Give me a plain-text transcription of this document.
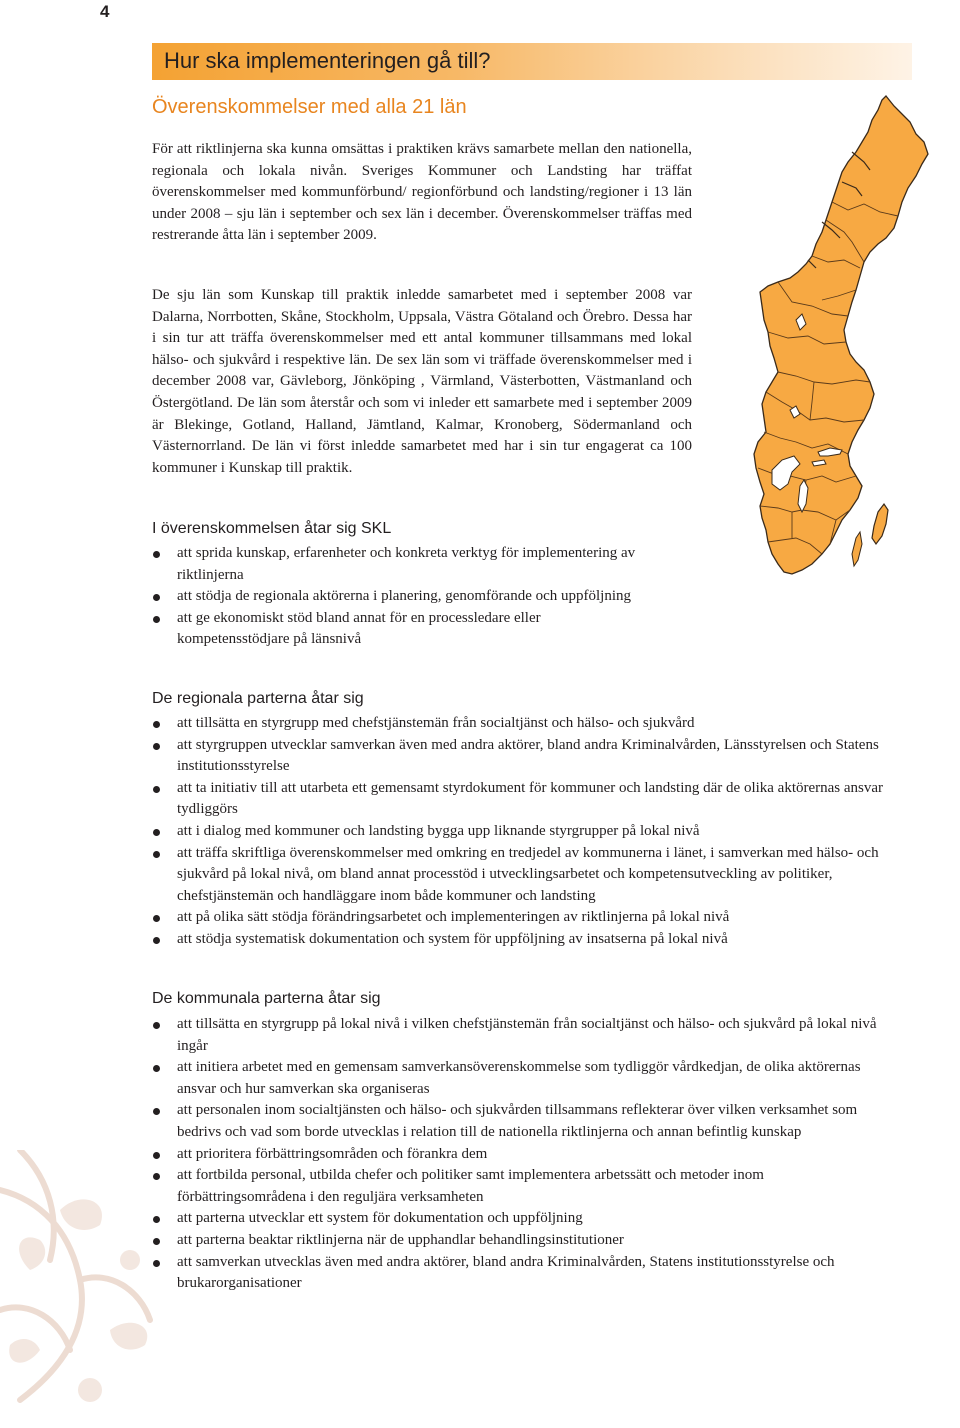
4
Hur ska implementeringen gå till?
Överenskommelser med alla 21 län

För att riktlinjerna ska kunna omsättas i praktiken krävs samarbete mellan den nationella, regionala och lokala nivån. Sveriges Kommuner och Landsting har träffat överenskommelser med kommunförbund/ regionförbund och landsting/regioner i 13 län under 2008 – sju län i september och sex län i december. Överenskommelser träffas med restrerande åtta län i september 2009.

De sju län som Kunskap till praktik inledde samarbetet med i september 2008 var Dalarna, Norrbotten, Skåne, Stockholm, Uppsala, Västra Götaland och Örebro. Dessa har i sin tur att träffa överenskommelser med ett antal kommuner tillsammans med lokal hälso- och sjukvård i respektive län. De sex län som vi träffade överenskommelser med i december 2008 var, Gävleborg, Jönköping , Värmland, Västerbotten, Västmanland och Östergötland. De län som återstår och som vi inleder ett samarbete med i september 2009 är Blekinge, Gotland, Halland, Jämtland, Kalmar, Kronoberg, Södermanland och Västernorrland. De län vi först inledde samarbetet med har i sin tur engagerat ca 100 kommuner i Kunskap till praktik.

I överenskommelsen åtar sig SKL
att sprida kunskap, erfarenheter och konkreta verktyg för implementering av riktlinjerna
att stödja de regionala aktörerna i planering, genomförande och uppföljning
att ge ekonomiskt stöd bland annat för en processledare eller kompetensstödjare på länsnivå
De regionala parterna åtar sig
att tillsätta en styrgrupp med chefstjänstemän från socialtjänst och hälso- och sjukvård
att styrgruppen utvecklar samverkan även med andra aktörer, bland andra Kriminalvården, Länsstyrelsen och Statens institutionsstyrelse
att ta initiativ till att utarbeta ett gemensamt styrdokument för kommuner och landsting där de olika aktörernas ansvar tydliggörs
att i dialog med kommuner och landsting bygga upp liknande styrgrupper på lokal nivå
att träffa skriftliga överenskommelser med omkring en tredjedel av kommunerna i länet, i samverkan med hälso- och sjukvård på lokal nivå, om bland annat processtöd i utvecklingsarbetet och kompetensutveckling av politiker, chefstjänstemän och handläggare inom både kommuner och landsting
att på olika sätt stödja förändringsarbetet och implementeringen av riktlinjerna på lokal nivå
att stödja systematisk dokumentation och system för uppföljning av insatserna på lokal nivå
De kommunala parterna åtar sig
att tillsätta en styrgrupp på lokal nivå i vilken chefstjänstemän från socialtjänst och hälso- och sjukvård på lokal nivå ingår
att initiera arbetet med en gemensam samverkansöverenskommelse som tydliggör vårdkedjan, de olika aktörernas ansvar och hur samverkan ska organiseras
att personalen inom socialtjänsten och hälso- och sjukvården tillsammans reflekterar över vilken verksamhet som bedrivs och vad som borde utvecklas i relation till de nationella riktlinjerna och annan befintlig kunskap
att prioritera förbättringsområden och förankra dem
att fortbilda personal, utbilda chefer och politiker samt implementera arbetssätt och metoder inom förbättringsområdena i den reguljära verksamheten
att parterna utvecklar ett system för dokumentation och uppföljning
att parterna beaktar riktlinjerna när de upphandlar behandlingsinstitutioner
att samverkan utvecklas även med andra aktörer, bland andra Kriminalvården, Statens institutionsstyrelse och brukarorganisationer
